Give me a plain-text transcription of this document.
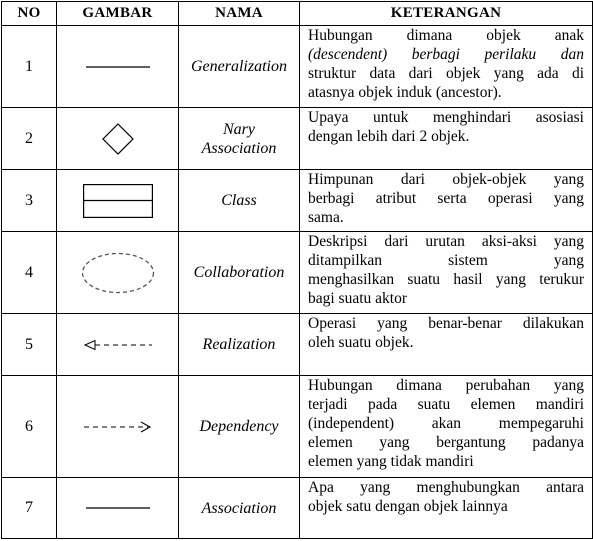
NO	GAMBAR	NAMA	KETERANGAN
1		Generalization	Hubungan dimana objek anak
(descendent) berbagi perilaku dan
struktur data dari objek yang ada di
atasnya objek induk (ancestor).

2		Nary
Association	Upaya untuk menghindari asosiasi
dengan lebih dari 2 objek.

3		Class	Himpunan dari objek-objek yang
berbagi atribut serta operasi yang
sama.

4		Collaboration	Deskripsi dari urutan aksi-aksi yang
ditampilkan sistem yang
menghasilkan suatu hasil yang terukur
bagi suatu aktor

5		Realization	Operasi yang benar-benar dilakukan
oleh suatu objek.

6		Dependency	Hubungan dimana perubahan yang
terjadi pada suatu elemen mandiri
(independent) akan mempegaruhi
elemen yang bergantung padanya
elemen yang tidak mandiri

7		Association	Apa yang menghubungkan antara
objek satu dengan objek lainnya
